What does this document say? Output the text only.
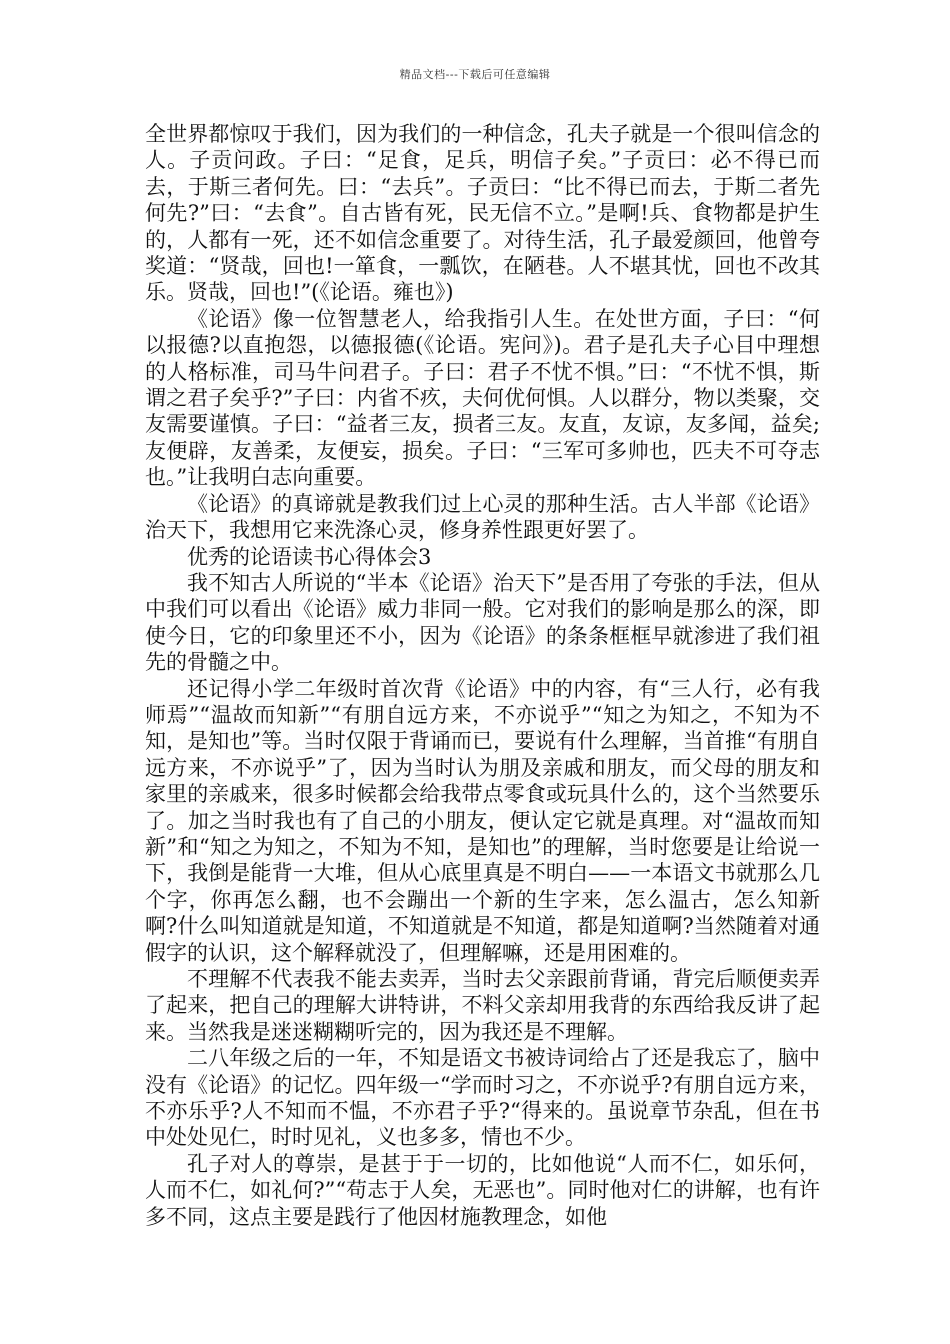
精品文档---下载后可任意编辑

全世界都惊叹于我们，因为我们的一种信念，孔夫子就是一个很叫信念的人。子贡问政。子曰：“足食，足兵，明信子矣。”子贡曰：必不得已而去，于斯三者何先。曰：“去兵”。子贡曰：“比不得已而去，于斯二者先何先?”曰：“去食”。自古皆有死，民无信不立。”是啊!兵、食物都是护生的，人都有一死，还不如信念重要了。对待生活，孔子最爱颜回，他曾夸奖道：“贤哉，回也!一箪食，一瓢饮，在陋巷。人不堪其忧，回也不改其乐。贤哉，回也!”(《论语。雍也》)

《论语》像一位智慧老人，给我指引人生。在处世方面，子曰：“何以报德?以直抱怨，以德报德(《论语。宪问》)。君子是孔夫子心目中理想的人格标准，司马牛问君子。子曰：君子不忧不惧。”曰：“不忧不惧，斯谓之君子矣乎?”子曰：内省不疚，夫何优何惧。人以群分，物以类聚，交友需要谨慎。子曰：“益者三友，损者三友。友直，友谅，友多闻，益矣;友便辟，友善柔，友便妄，损矣。子曰：“三军可多帅也，匹夫不可夺志也。”让我明白志向重要。

《论语》的真谛就是教我们过上心灵的那种生活。古人半部《论语》治天下，我想用它来洗涤心灵，修身养性跟更好罢了。

优秀的论语读书心得体会3

我不知古人所说的“半本《论语》治天下”是否用了夸张的手法，但从中我们可以看出《论语》威力非同一般。它对我们的影响是那么的深，即使今日，它的印象里还不小，因为《论语》的条条框框早就渗进了我们祖先的骨髓之中。

还记得小学二年级时首次背《论语》中的内容，有“三人行，必有我师焉”“温故而知新”“有朋自远方来，不亦说乎”“知之为知之，不知为不知，是知也”等。当时仅限于背诵而已，要说有什么理解，当首推“有朋自远方来，不亦说乎”了，因为当时认为朋及亲戚和朋友，而父母的朋友和家里的亲戚来，很多时候都会给我带点零食或玩具什么的，这个当然要乐了。加之当时我也有了自己的小朋友，便认定它就是真理。对“温故而知新”和“知之为知之，不知为不知，是知也”的理解，当时您要是让给说一下，我倒是能背一大堆，但从心底里真是不明白——一本语文书就那么几个字，你再怎么翻，也不会蹦出一个新的生字来，怎么温古，怎么知新啊?什么叫知道就是知道，不知道就是不知道，都是知道啊?当然随着对通假字的认识，这个解释就没了，但理解嘛，还是用困难的。

不理解不代表我不能去卖弄，当时去父亲跟前背诵，背完后顺便卖弄了起来，把自己的理解大讲特讲，不料父亲却用我背的东西给我反讲了起来。当然我是迷迷糊糊听完的，因为我还是不理解。

二八年级之后的一年，不知是语文书被诗词给占了还是我忘了，脑中没有《论语》的记忆。四年级一“学而时习之，不亦说乎?有朋自远方来，不亦乐乎?人不知而不愠，不亦君子乎?“得来的。虽说章节杂乱，但在书中处处见仁，时时见礼，义也多多，情也不少。

孔子对人的尊崇，是甚于于一切的，比如他说“人而不仁，如乐何，人而不仁，如礼何?”“苟志于人矣，无恶也”。同时他对仁的讲解，也有许多不同，这点主要是践行了他因材施教理念，如他
